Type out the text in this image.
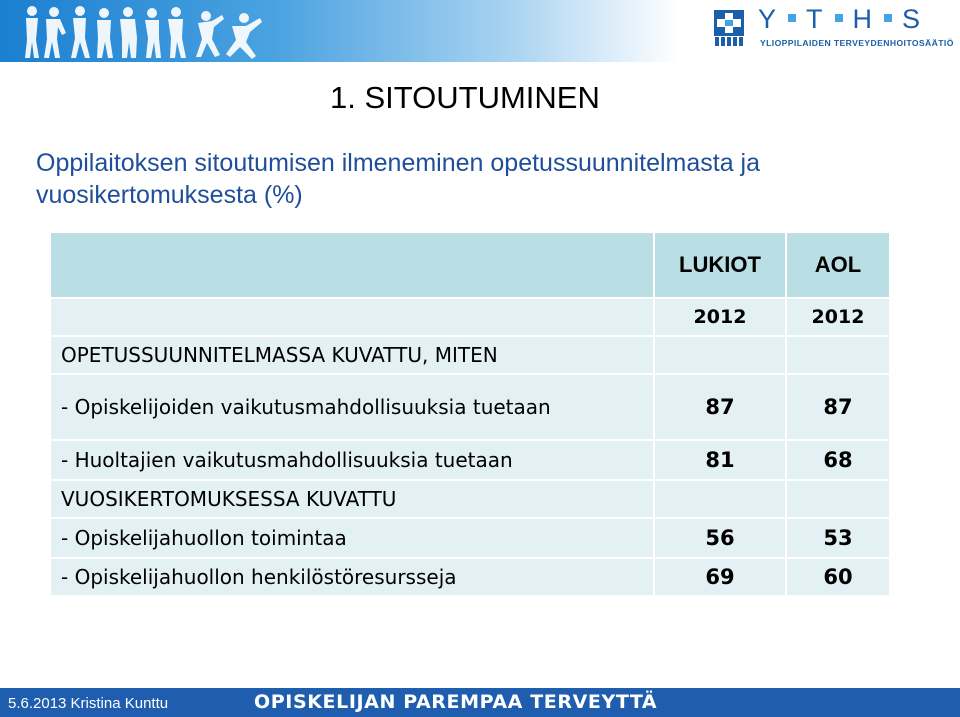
Y T H S
YLIOPPILAIDEN TERVEYDENHOITOSÄÄTIÖ
1. SITOUTUMINEN
Oppilaitoksen sitoutumisen ilmeneminen opetussuunnitelmasta ja vuosikertomuksesta (%)
	LUKIOT	AOL
	2012	2012
OPETUSSUUNNITELMASSA KUVATTU, MITEN		
- Opiskelijoiden vaikutusmahdollisuuksia tuetaan	87	87
- Huoltajien vaikutusmahdollisuuksia tuetaan	81	68
VUOSIKERTOMUKSESSA KUVATTU		
- Opiskelijahuollon toimintaa	56	53
- Opiskelijahuollon henkilöstöresursseja	69	60
5.6.2013 Kristina Kunttu	OPISKELIJAN PAREMPAA TERVEYTTÄ
